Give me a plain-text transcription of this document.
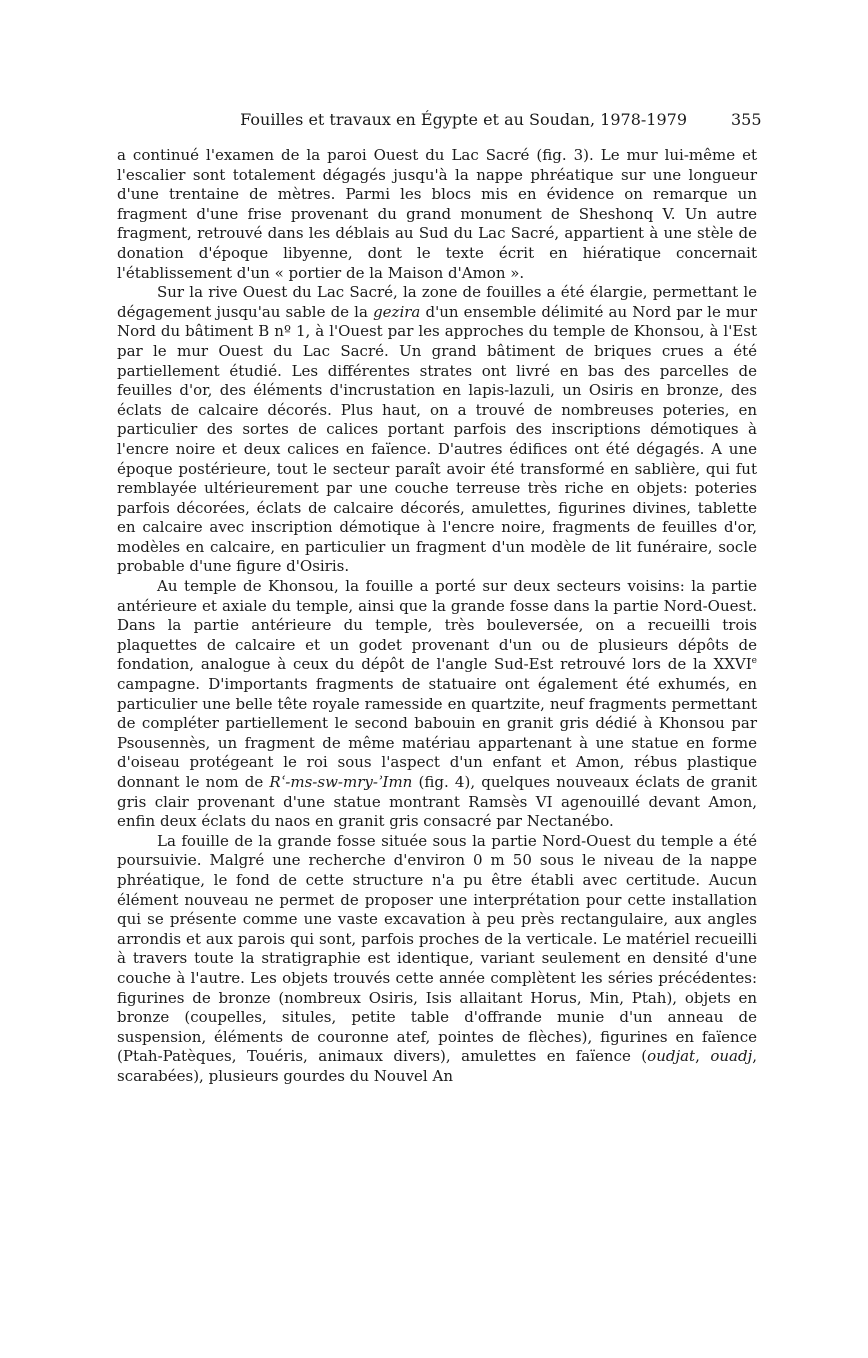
Fouilles et travaux en Égypte et au Soudan, 1978-1979	355

a continué l'examen de la paroi Ouest du Lac Sacré (fig. 3). Le mur lui-même et l'escalier sont totalement dégagés jusqu'à la nappe phréatique sur une longueur d'une trentaine de mètres. Parmi les blocs mis en évidence on remarque un fragment d'une frise provenant du grand monument de Sheshonq V. Un autre fragment, retrouvé dans les déblais au Sud du Lac Sacré, appartient à une stèle de donation d'époque libyenne, dont le texte écrit en hiératique concernait l'établissement d'un « portier de la Maison d'Amon ».

Sur la rive Ouest du Lac Sacré, la zone de fouilles a été élargie, permettant le dégagement jusqu'au sable de la gezira d'un ensemble délimité au Nord par le mur Nord du bâtiment B nº 1, à l'Ouest par les approches du temple de Khonsou, à l'Est par le mur Ouest du Lac Sacré. Un grand bâtiment de briques crues a été partiellement étudié. Les différentes strates ont livré en bas des parcelles de feuilles d'or, des éléments d'incrustation en lapis-lazuli, un Osiris en bronze, des éclats de calcaire décorés. Plus haut, on a trouvé de nombreuses poteries, en particulier des sortes de calices portant parfois des inscriptions démotiques à l'encre noire et deux calices en faïence. D'autres édifices ont été dégagés. A une époque postérieure, tout le secteur paraît avoir été transformé en sablière, qui fut remblayée ultérieurement par une couche terreuse très riche en objets: poteries parfois décorées, éclats de calcaire décorés, amulettes, figurines divines, tablette en calcaire avec inscription démotique à l'encre noire, fragments de feuilles d'or, modèles en calcaire, en particulier un fragment d'un modèle de lit funéraire, socle probable d'une figure d'Osiris.

Au temple de Khonsou, la fouille a porté sur deux secteurs voisins: la partie antérieure et axiale du temple, ainsi que la grande fosse dans la partie Nord-Ouest. Dans la partie antérieure du temple, très bouleversée, on a recueilli trois plaquettes de calcaire et un godet provenant d'un ou de plusieurs dépôts de fondation, analogue à ceux du dépôt de l'angle Sud-Est retrouvé lors de la XXVIe campagne. D'importants fragments de statuaire ont également été exhumés, en particulier une belle tête royale ramesside en quartzite, neuf fragments permettant de compléter partiellement le second babouin en granit gris dédié à Khonsou par Psousennès, un fragment de même matériau appartenant à une statue en forme d'oiseau protégeant le roi sous l'aspect d'un enfant et Amon, rébus plastique donnant le nom de Rʿ-ms-sw-mry-ʾImn (fig. 4), quelques nouveaux éclats de granit gris clair provenant d'une statue montrant Ramsès VI agenouillé devant Amon, enfin deux éclats du naos en granit gris consacré par Nectanébo.

La fouille de la grande fosse située sous la partie Nord-Ouest du temple a été poursuivie. Malgré une recherche d'environ 0 m 50 sous le niveau de la nappe phréatique, le fond de cette structure n'a pu être établi avec certitude. Aucun élément nouveau ne permet de proposer une interprétation pour cette installation qui se présente comme une vaste excavation à peu près rectangulaire, aux angles arrondis et aux parois qui sont, parfois proches de la verticale. Le matériel recueilli à travers toute la stratigraphie est identique, variant seulement en densité d'une couche à l'autre. Les objets trouvés cette année complètent les séries précédentes: figurines de bronze (nombreux Osiris, Isis allaitant Horus, Min, Ptah), objets en bronze (coupelles, situles, petite table d'offrande munie d'un anneau de suspension, éléments de couronne atef, pointes de flèches), figurines en faïence (Ptah-Patèques, Touéris, animaux divers), amulettes en faïence (oudjat, ouadj, scarabées), plusieurs gourdes du Nouvel An
